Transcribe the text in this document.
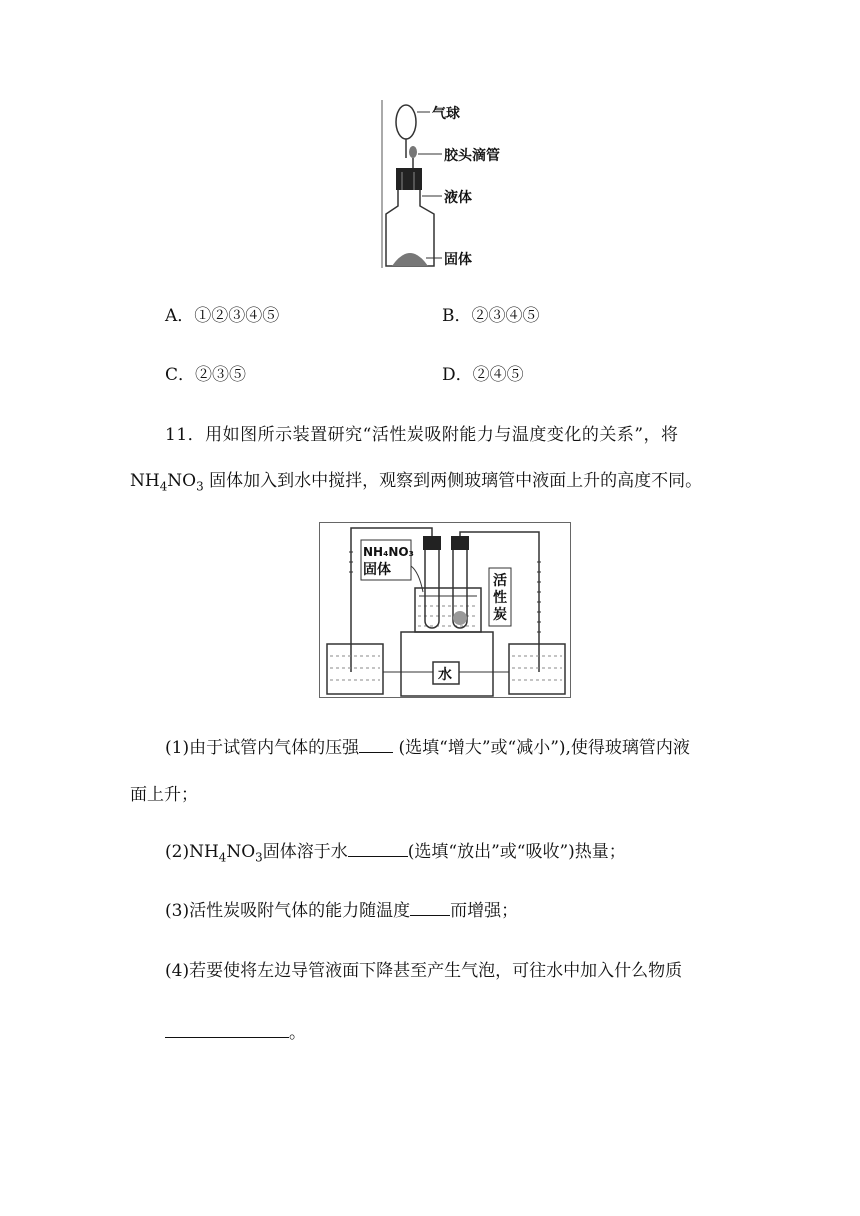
气球
胶头滴管
液体
固体
A．①②③④⑤	B．②③④⑤
C．②③⑤	D．②④⑤
11．用如图所示装置研究“活性炭吸附能力与温度变化的关系”，将
$NH_4NO_3$ 固体加入到水中搅拌，观察到两侧玻璃管中液面上升的高度不同。
水
NH₄NO₃
固体
活
性
炭
(1)由于试管内气体的压强 (选填“增大”或“减小”),使得玻璃管内液
面上升；
$(2)NH_4NO_3$固体溶于水	(选填“放出”或“吸收”)热量；
(3)活性炭吸附气体的能力随温度 而增强；
(4)若要使将左边导管液面下降甚至产生气泡，可往水中加入什么物质
。
